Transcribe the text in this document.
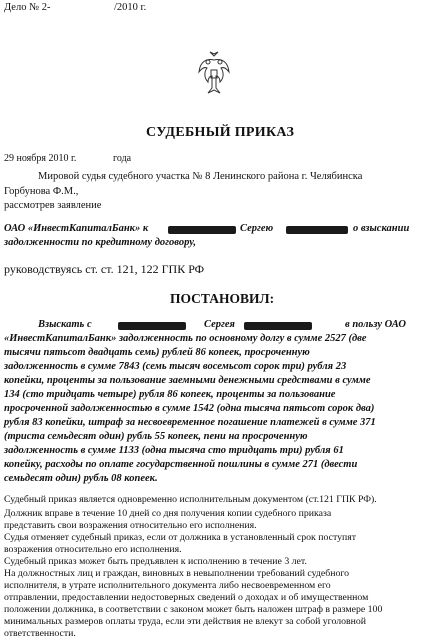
Дело № 2-	/2010 г.
СУДЕБНЫЙ ПРИКАЗ
29 ноября 2010 г.	года
Мировой судья судебного участка № 8 Ленинского района г. Челябинска
Горбунова Ф.М.,
рассмотрев заявление
ОАО «ИнвестКапиталБанк» к	Сергею	о взыскании
задолженности по кредитному договору,
руководствуясь ст. ст. 121, 122 ГПК РФ
ПОСТАНОВИЛ:
Взыскать с	Сергея	в пользу ОАО
«ИнвестКапиталБанк» задолженность по основному долгу в сумме 2527 (две
тысячи пятьсот двадцать семь) рублей 86 копеек, просроченную
задолженность в сумме 7843 (семь тысяч восемьсот сорок три) рубля 23
копейки, проценты за пользование заемными денежными средствами в сумме
134 (сто тридцать четыре) рубля 86 копеек, проценты за пользование
просроченной задолженностью в сумме 1542 (одна тысяча пятьсот сорок два)
рубля 83 копейки, штраф за несвоевременное погашение платежей в сумме 371
(триста семьдесят один) рубль 55 копеек, пени на просроченную
задолженность в сумме 1133 (одна тысяча сто тридцать три) рубля 61
копейку, расходы по оплате государственной пошлины в сумме 271 (двести
семьдесят один) рубль 08 копеек.
Судебный приказ является одновременно исполнительным документом (ст.121 ГПК РФ).
Должник вправе в течение 10 дней со дня получения копии судебного приказа
представить свои возражения относительно его исполнения.
Судья отменяет судебный приказ, если от должника в установленный срок поступят
возражения относительно его исполнения.
Судебный приказ может быть предъявлен к исполнению в течение 3 лет.
На должностных лиц и граждан, виновных в невыполнении требований судебного
исполнителя, в утрате исполнительного документа либо несвоевременном его
отправлении, предоставлении недостоверных сведений о доходах и об имущественном
положении должника, в соответствии с законом может быть наложен штраф в размере 100
минимальных размеров оплаты труда, если эти действия не влекут за собой уголовной
ответственности.
